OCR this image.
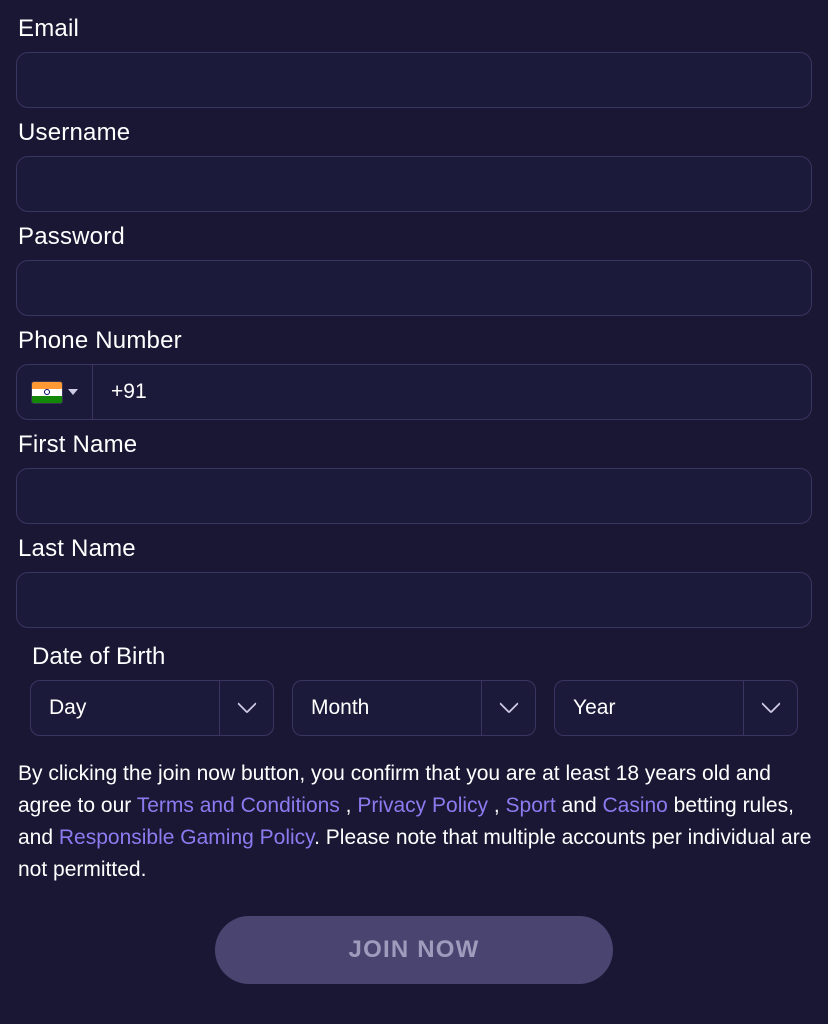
Email
Username
Password
Phone Number
+91
First Name
Last Name
Date of Birth
Day	Month	Year
By clicking the join now button, you confirm that you are at least 18 years old and agree to our Terms and Conditions , Privacy Policy , Sport and Casino betting rules, and Responsible Gaming Policy. Please note that multiple accounts per individual are not permitted.
JOIN NOW
